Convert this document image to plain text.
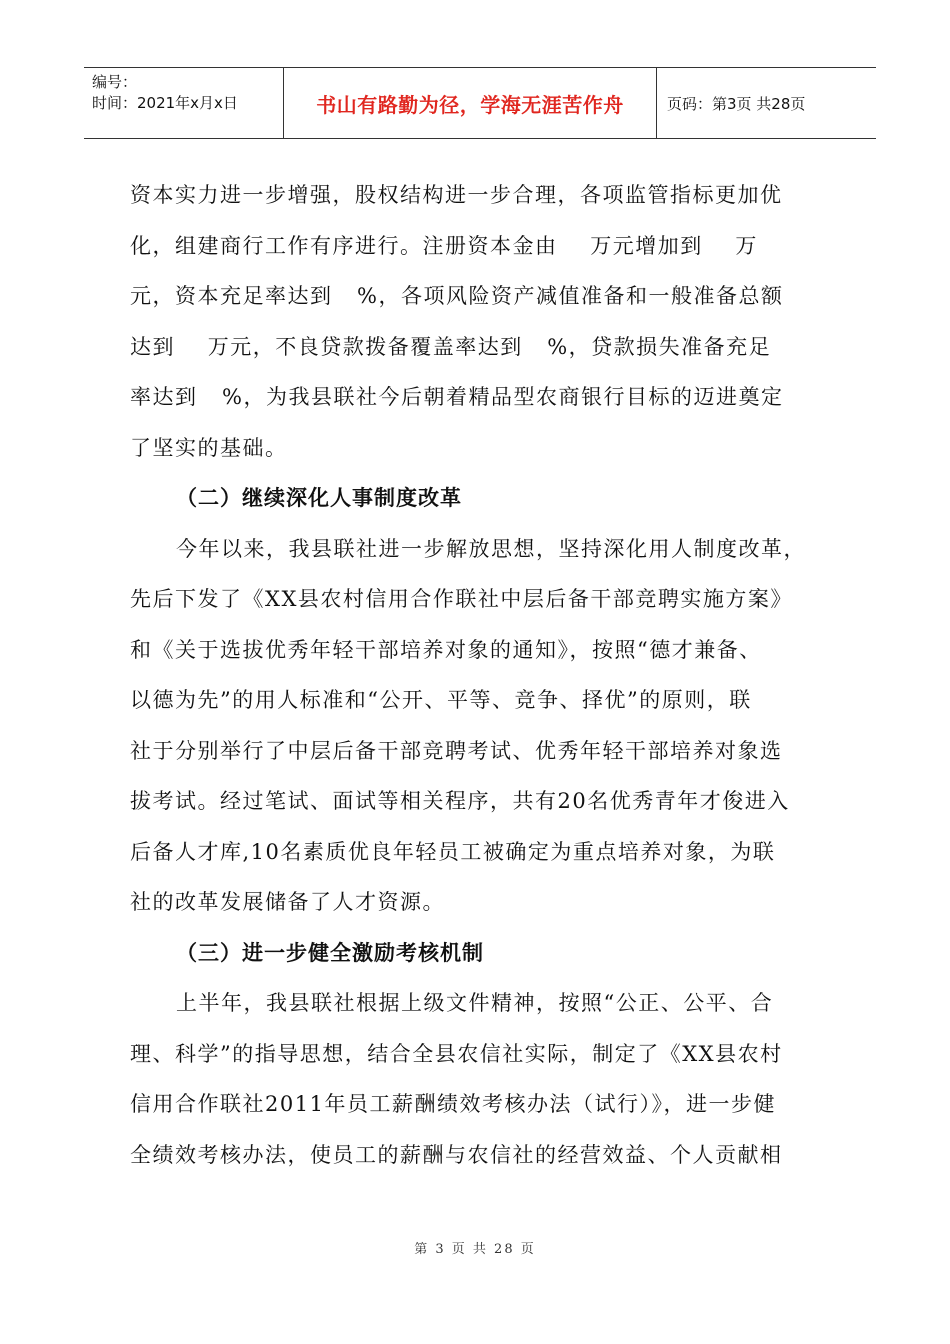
编号：
时间：2021年x月x日	书山有路勤为径，学海无涯苦作舟	页码：第3页 共28页
资本实力进一步增强，股权结构进一步合理，各项监管指标更加优
化，组建商行工作有序进行。注册资本金由    万元增加到    万
元，资本充足率达到   %，各项风险资产减值准备和一般准备总额
达到    万元，不良贷款拨备覆盖率达到   %，贷款损失准备充足
率达到   %，为我县联社今后朝着精品型农商银行目标的迈进奠定
了坚实的基础。
（二）继续深化人事制度改革
今年以来，我县联社进一步解放思想，坚持深化用人制度改革，
先后下发了《XX县农村信用合作联社中层后备干部竞聘实施方案》
和《关于选拔优秀年轻干部培养对象的通知》，按照“德才兼备、
以德为先”的用人标准和“公开、平等、竞争、择优”的原则，联
社于分别举行了中层后备干部竞聘考试、优秀年轻干部培养对象选
拔考试。经过笔试、面试等相关程序，共有20名优秀青年才俊进入
后备人才库,10名素质优良年轻员工被确定为重点培养对象，为联
社的改革发展储备了人才资源。
（三）进一步健全激励考核机制
上半年，我县联社根据上级文件精神，按照“公正、公平、合
理、科学”的指导思想，结合全县农信社实际，制定了《XX县农村
信用合作联社2011年员工薪酬绩效考核办法（试行）》，进一步健
全绩效考核办法，使员工的薪酬与农信社的经营效益、个人贡献相
第 3 页 共 28 页
